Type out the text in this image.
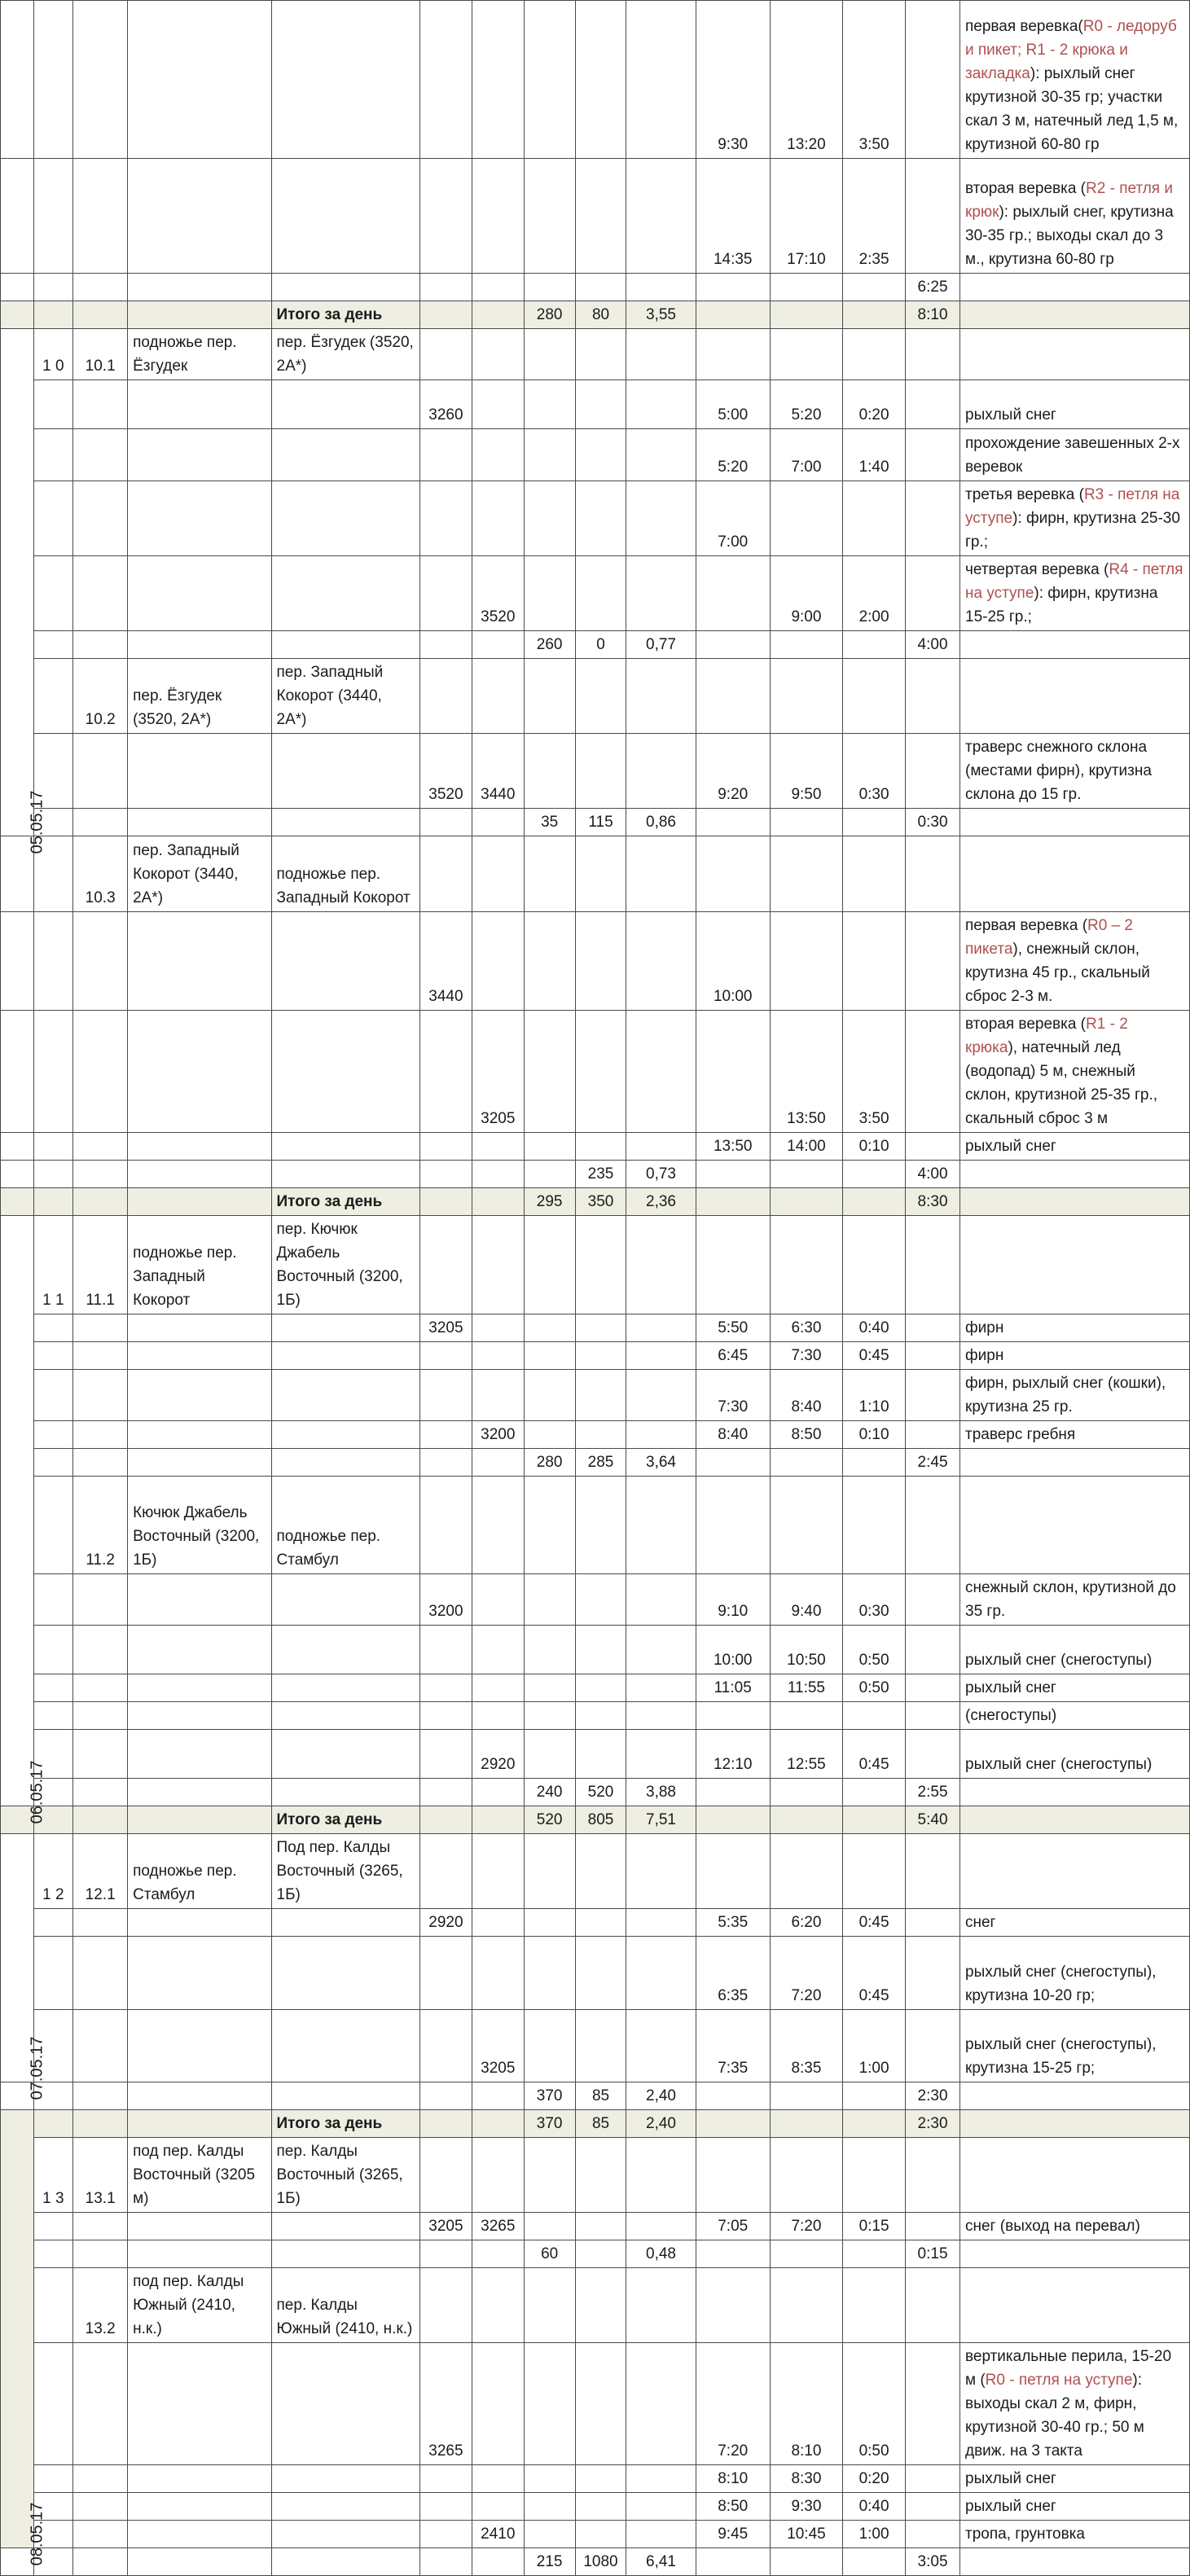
										9:30	13:20	3:50		первая веревка(R0 - ледоруб и пикет; R1 - 2 крюка и закладка): рыхлый снег крутизной 30-35 гр; участки скал 3 м, натечный лед 1,5 м, крутизной 60-80 гр
										14:35	17:10	2:35		вторая веревка (R2 - петля и крюк): рыхлый снег, крутизна 30-35 гр.; выходы скал до 3 м., крутизна 60-80 гр
													6:25	
				Итого за день			280	80	3,55				8:10	
05.05.17	1 0	10.1	подножье пер. Ёзгудек	пер. Ёзгудек (3520, 2А*)										
					3260					5:00	5:20	0:20		рыхлый снег
										5:20	7:00	1:40		прохождение завешенных 2-х веревок
										7:00				третья веревка (R3 - петля на уступе): фирн, крутизна 25-30 гр.;
						3520					9:00	2:00		четвертая веревка (R4 - петля на уступе): фирн, крутизна 15-25 гр.;
							260	0	0,77				4:00	
		10.2	пер. Ёзгудек (3520, 2А*)	пер. Западный Кокорот (3440, 2А*)										
					3520	3440				9:20	9:50	0:30		траверс снежного склона (местами фирн), крутизна склона до 15 гр.
							35	115	0,86				0:30	
		10.3	пер. Западный Кокорот (3440, 2А*)	подножье пер. Западный Кокорот										
					3440					10:00				первая веревка (R0 – 2 пикета), снежный склон, крутизна 45 гр., скальный сброс 2-3 м.
						3205					13:50	3:50		вторая веревка (R1 - 2 крюка), натечный лед (водопад) 5 м, снежный склон, крутизной 25-35 гр., скальный сброс 3 м
										13:50	14:00	0:10		рыхлый снег
								235	0,73				4:00	
				Итого за день			295	350	2,36				8:30	
06.05.17	1 1	11.1	подножье пер. Западный Кокорот	пер. Кючюк Джабель Восточный (3200, 1Б)										
					3205					5:50	6:30	0:40		фирн
										6:45	7:30	0:45		фирн
										7:30	8:40	1:10		фирн, рыхлый снег (кошки), крутизна 25 гр.
						3200				8:40	8:50	0:10		траверс гребня
							280	285	3,64				2:45	
		11.2	Кючюк Джабель Восточный (3200, 1Б)	подножье пер. Стамбул										
					3200					9:10	9:40	0:30		снежный склон, крутизной до 35 гр.
										10:00	10:50	0:50		рыхлый снег (снегоступы)
										11:05	11:55	0:50		рыхлый снег
														(снегоступы)
						2920				12:10	12:55	0:45		рыхлый снег (снегоступы)
							240	520	3,88				2:55	
				Итого за день			520	805	7,51				5:40	
07.05.17	1 2	12.1	подножье пер. Стамбул	Под пер. Калды Восточный (3265, 1Б)										
					2920					5:35	6:20	0:45		снег
										6:35	7:20	0:45		рыхлый снег (снегоступы), крутизна 10-20 гр;
						3205				7:35	8:35	1:00		рыхлый снег (снегоступы), крутизна 15-25 гр;
							370	85	2,40				2:30	
08.05.17				Итого за день			370	85	2,40				2:30	
	1 3	13.1	под пер. Калды Восточный (3205 м)	пер. Калды Восточный (3265, 1Б)										
					3205	3265				7:05	7:20	0:15		снег (выход на перевал)
							60		0,48				0:15	
		13.2	под пер. Калды Южный (2410, н.к.)	пер. Калды Южный (2410, н.к.)										
					3265					7:20	8:10	0:50		вертикальные перила, 15-20 м (R0 - петля на уступе): выходы скал 2 м, фирн, крутизной 30-40 гр.; 50 м движ. на 3 такта
										8:10	8:30	0:20		рыхлый снег
										8:50	9:30	0:40		рыхлый снег
						2410				9:45	10:45	1:00		тропа, грунтовка
							215	1080	6,41				3:05	
